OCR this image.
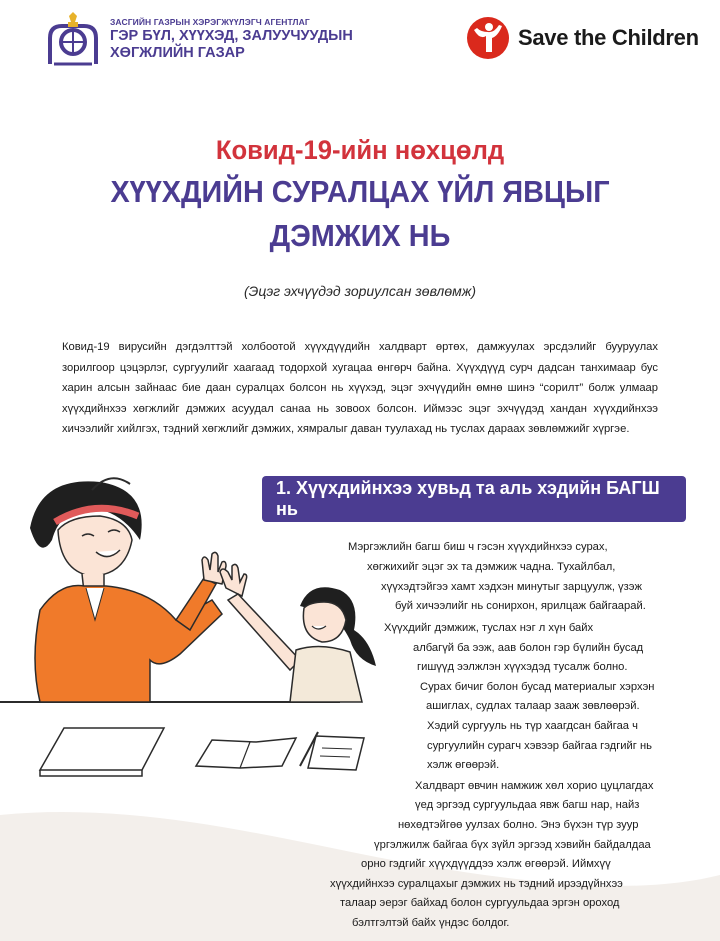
ЗАСГИЙН ГАЗРЫН ХЭРЭГЖҮҮЛЭГЧ АГЕНТЛАГ
ГЭР БҮЛ, ХҮҮХЭД, ЗАЛУУЧУУДЫН
ХӨГЖЛИЙН ГАЗАР
Save the Children
Ковид-19-ийн нөхцөлд
ХҮҮХДИЙН СУРАЛЦАХ ҮЙЛ ЯВЦЫГ
ДЭМЖИХ НЬ
(Эцэг эхчүүдэд зориулсан зөвлөмж)
Ковид-19 вирусийн дэгдэлттэй холбоотой хүүхдүүдийн халдварт өртөх, дамжуулах эрсдэлийг бууруулах зорилгоор цэцэрлэг, сургуулийг хаагаад тодорхой хугацаа өнгөрч байна. Хүүхдүүд сурч дадсан танхимаар бус харин алсын зайнаас бие даан суралцах болсон нь хүүхэд, эцэг эхчүүдийн өмнө шинэ “сорилт” болж улмаар хүүхдийнхээ хөгжлийг дэмжих асуудал санаа нь зовоох болсон. Иймээс эцэг эхчүүдэд хандан хүүхдийнхээ хичээлийг хийлгэх, тэдний хөгжлийг дэмжих, хямралыг даван туулахад нь туслах дараах зөвлөмжийг хүргэе.
1. Хүүхдийнхээ хувьд та аль хэдийн БАГШ нь
Мэргэжлийн багш биш ч гэсэн хүүхдийнхээ сурах,
хөгжихийг эцэг эх та дэмжиж чадна. Тухайлбал,
хүүхэдтэйгээ хамт хэдхэн минутыг зарцуулж, үзэж
буй хичээлийг нь сонирхон, ярилцаж байгаарай.
Хүүхдийг дэмжиж, туслах нэг л хүн байх
албагүй ба ээж, аав болон гэр бүлийн бусад
гишүүд ээлжлэн хүүхэдэд тусалж болно.
Сурах бичиг болон бусад материалыг хэрхэн
ашиглах, судлах талаар зааж зөвлөөрэй.
Хэдий сургууль нь түр хаагдсан байгаа ч
сургуулийн сурагч хэвээр байгаа гэдгийг нь
хэлж өгөөрэй.
Халдварт өвчин намжиж хөл хорио цуцлагдах
үед эргээд сургуульдаа явж багш нар, найз
нөхөдтэйгөө уулзах болно. Энэ бүхэн түр зуур
үргэлжилж байгаа бүх зүйл эргээд хэвийн байдалдаа
орно гэдгийг хүүхдүүддээ хэлж өгөөрэй. Иймхүү
хүүхдийнхээ суралцахыг дэмжих нь тэдний ирээдүйнхээ
талаар эерэг байхад болон сургуульдаа эргэн ороход
бэлтгэлтэй байх үндэс болдог.
